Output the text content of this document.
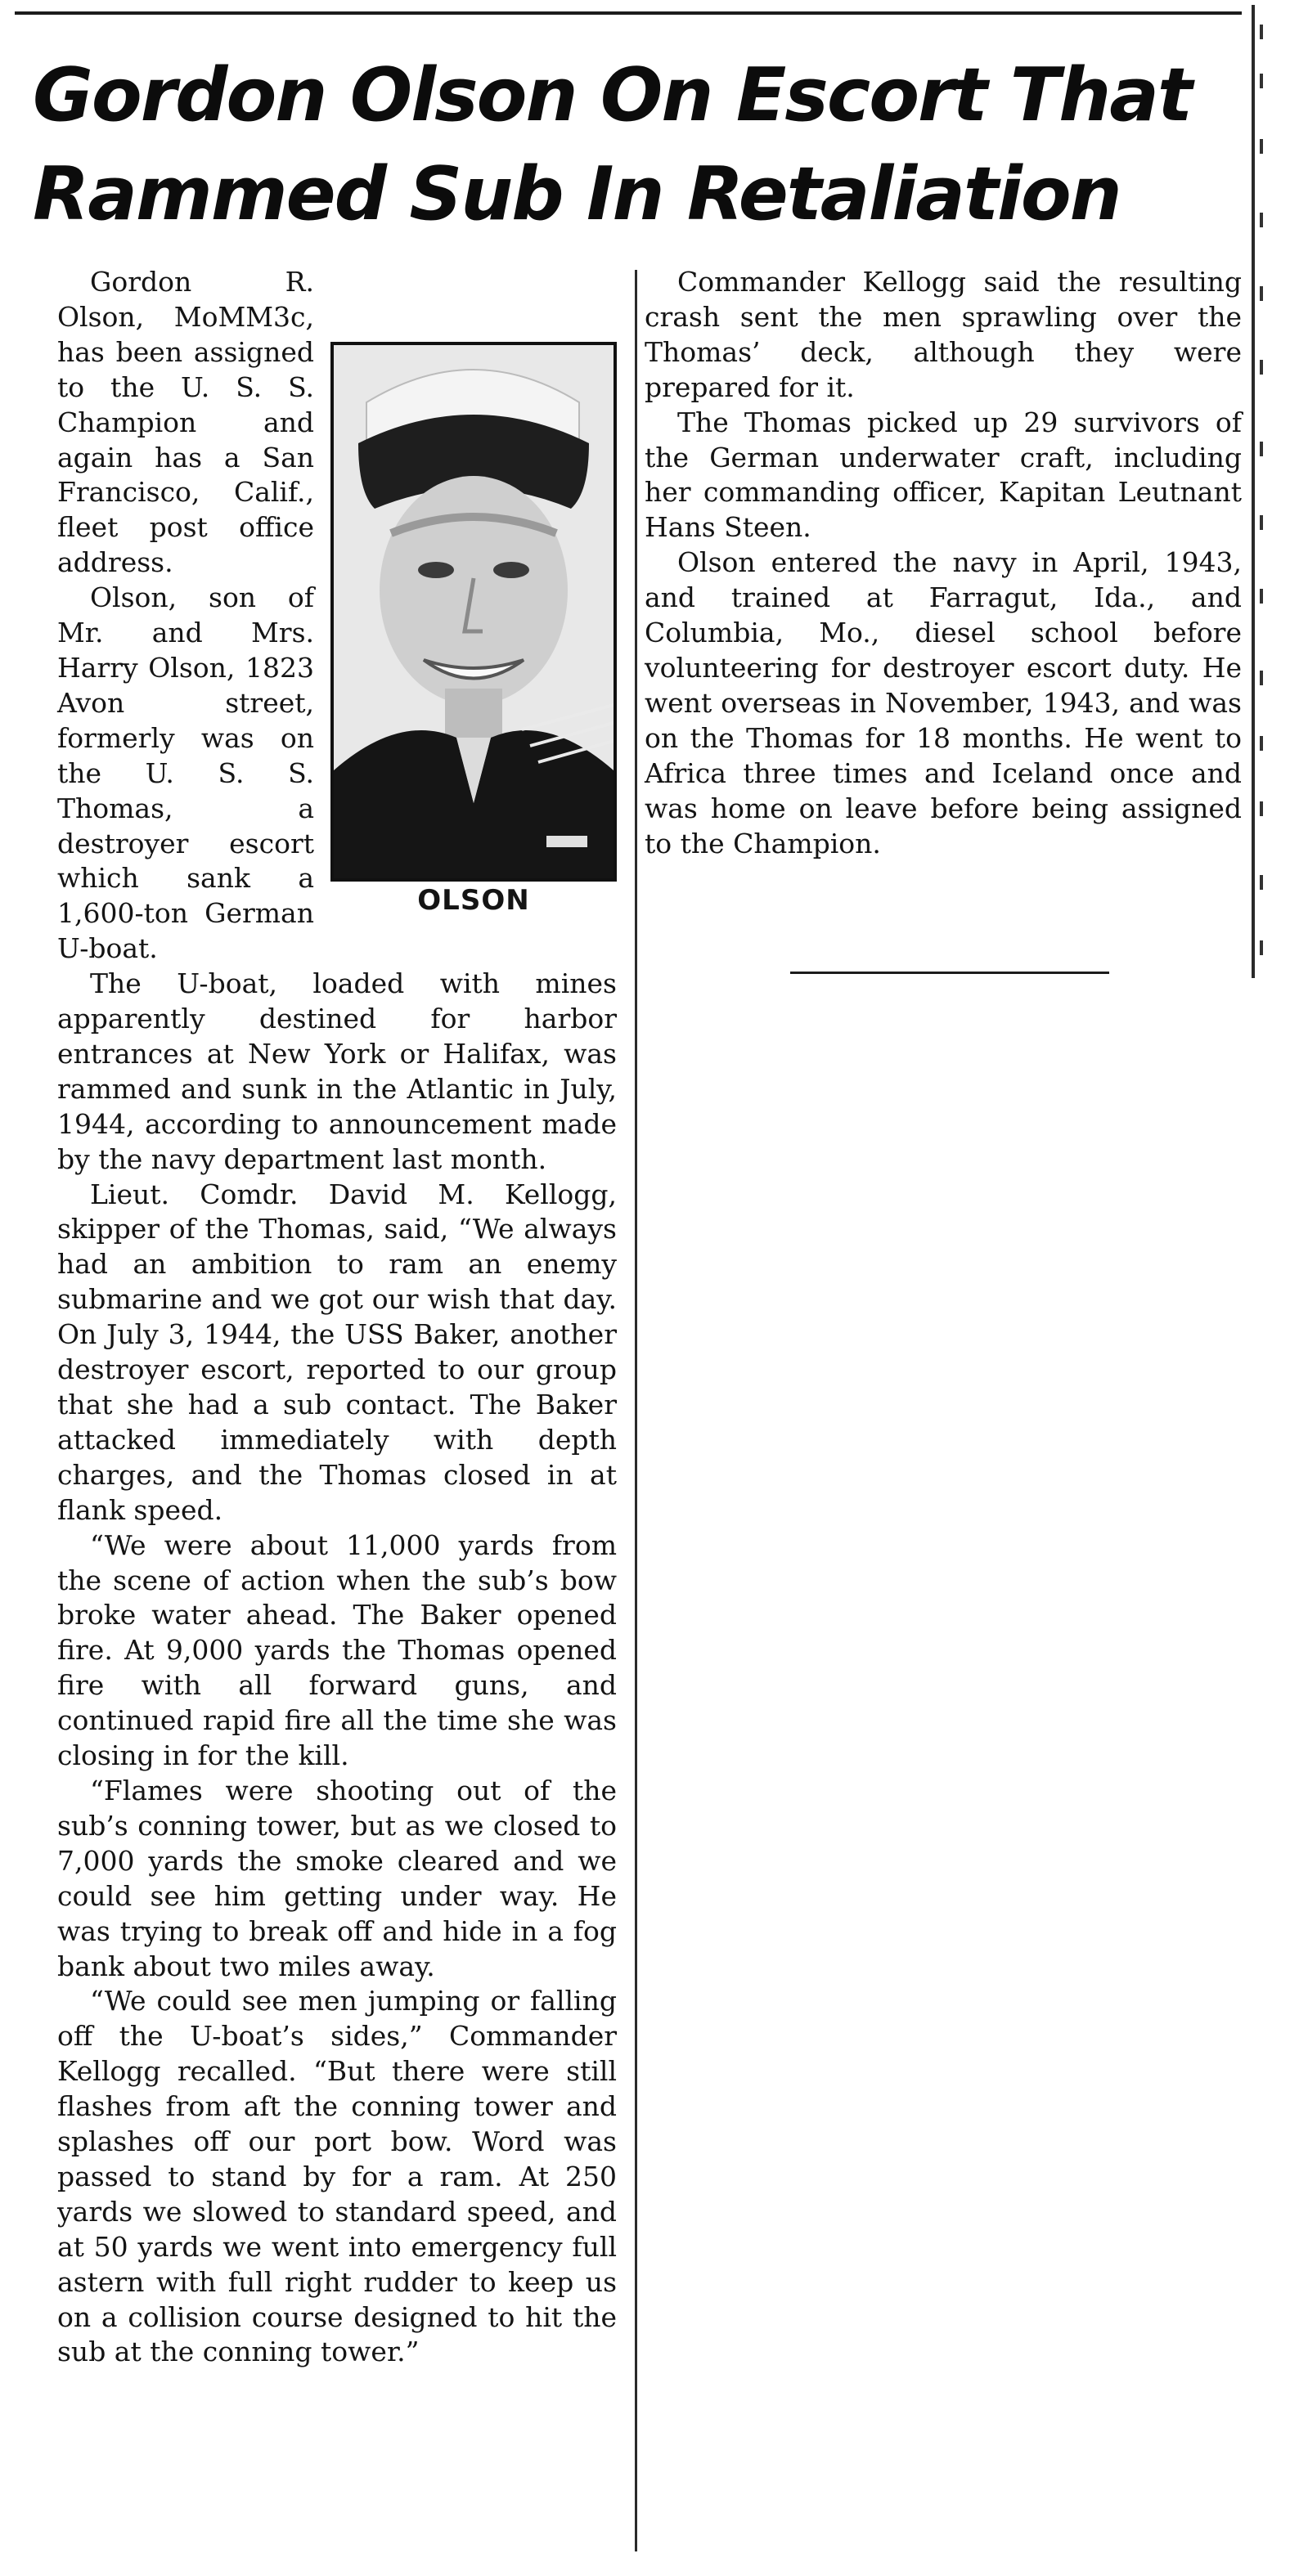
Gordon Olson On Escort That
Rammed Sub In Retaliation
OLSON

Gordon R. Olson, MoMM3c, has been assigned to the U. S. S. Champion and again has a San Francisco, Calif., fleet post office address.

Olson, son of Mr. and Mrs. Harry Olson, 1823 Avon street, formerly was on the U. S. S. Thomas, a destroyer escort which sank a 1,600-ton German U-boat.

The U-boat, loaded with mines apparently destined for harbor entrances at New York or Halifax, was rammed and sunk in the Atlantic in July, 1944, according to announcement made by the navy department last month.

Lieut. Comdr. David M. Kellogg, skipper of the Thomas, said, “We always had an ambition to ram an enemy submarine and we got our wish that day. On July 3, 1944, the USS Baker, another destroyer escort, reported to our group that she had a sub contact. The Baker attacked immediately with depth charges, and the Thomas closed in at flank speed.

“We were about 11,000 yards from the scene of action when the sub’s bow broke water ahead. The Baker opened fire. At 9,000 yards the Thomas opened fire with all forward guns, and continued rapid fire all the time she was closing in for the kill.

“Flames were shooting out of the sub’s conning tower, but as we closed to 7,000 yards the smoke cleared and we could see him getting under way. He was trying to break off and hide in a fog bank about two miles away.

“We could see men jumping or falling off the U-boat’s sides,” Commander Kellogg recalled. “But there were still flashes from aft the conning tower and splashes off our port bow. Word was passed to stand by for a ram. At 250 yards we slowed to standard speed, and at 50 yards we went into emergency full astern with full right rudder to keep us on a collision course designed to hit the sub at the conning tower.”

Commander Kellogg said the resulting crash sent the men sprawling over the Thomas’ deck, although they were prepared for it.

The Thomas picked up 29 survivors of the German underwater craft, including her commanding officer, Kapitan Leutnant Hans Steen.

Olson entered the navy in April, 1943, and trained at Farragut, Ida., and Columbia, Mo., diesel school before volunteering for destroyer escort duty. He went overseas in November, 1943, and was on the Thomas for 18 months. He went to Africa three times and Iceland once and was home on leave before being assigned to the Champion.
